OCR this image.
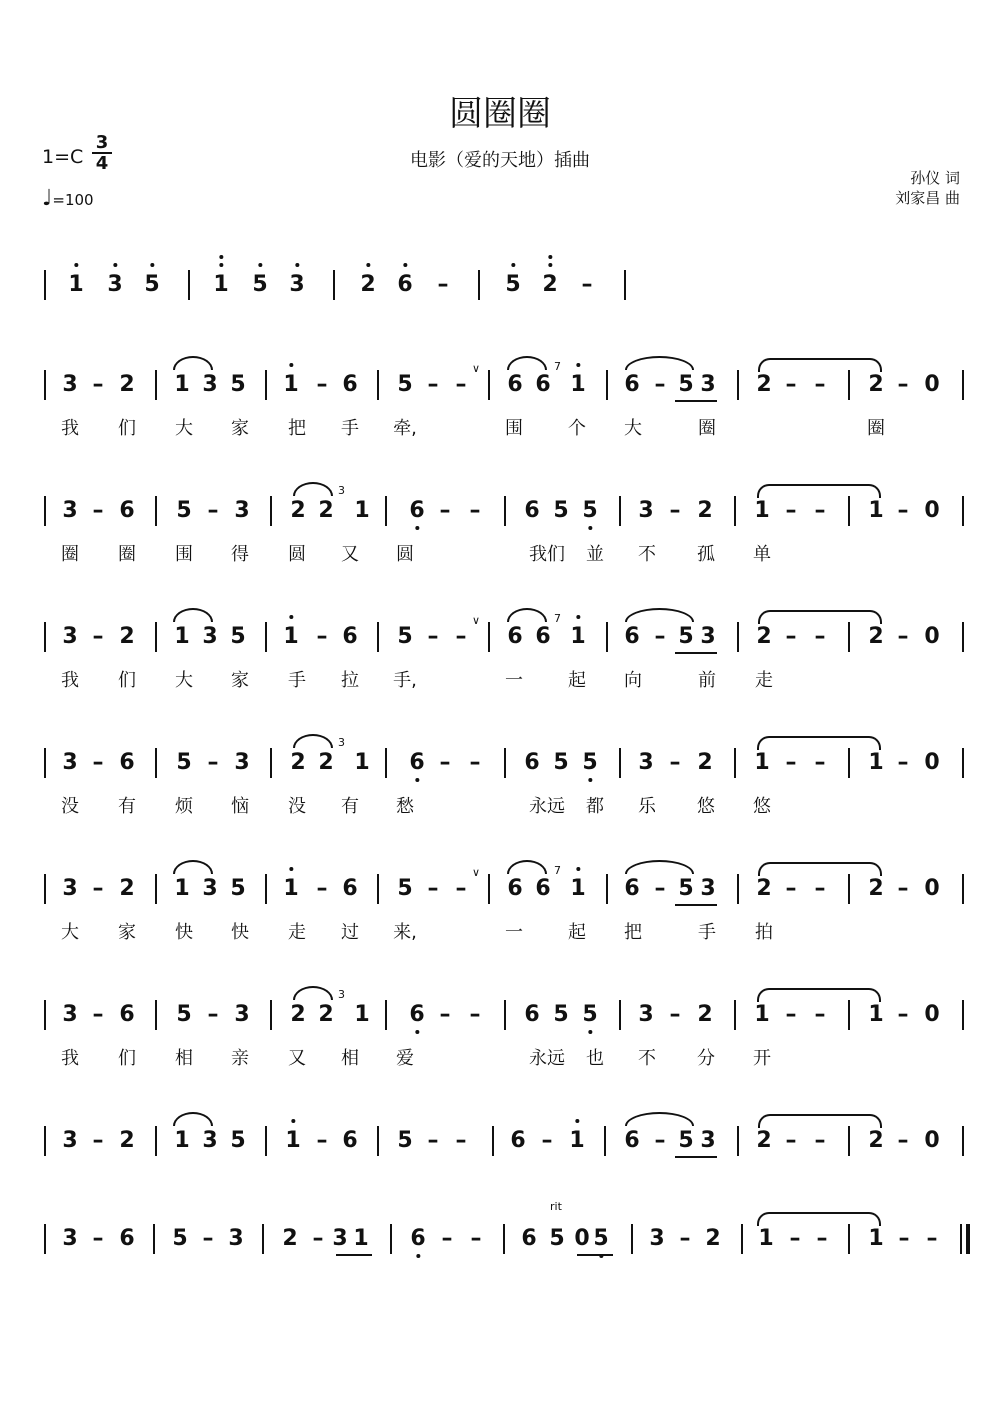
圆圈圈
电影（爱的天地）插曲
1=C
3
4
♩=100
孙仪 词
刘家昌 曲
1 3 5 1 5 3	2 6 –	5 2 –
3 – 2 1 3 5 1 – 6 5 – – 6 6 1 6 – 5 3 2 – – 2 – 0
我 们 大 家 把 手 牵,	围	个 大	圈	圈
∨	7
3 – 6 5 – 3 2 2 1 6 – – 6 5 5 3 – 2 1 – – 1 – 0
圈 圈 围 得 圆 又 圆	我们 並 不 孤 单
3
3 – 2 1 3 5 1 – 6 5 – – 6 6 1 6 – 5 3 2 – – 2 – 0
我 们 大 家 手 拉 手,	一	起 向	前 走
∨	7
3 – 6 5 – 3 2 2 1 6 – – 6 5 5 3 – 2 1 – – 1 – 0
没 有 烦 恼 没 有 愁	永远 都 乐 悠 悠
3
3 – 2 1 3 5 1 – 6 5 – – 6 6 1 6 – 5 3 2 – – 2 – 0
大 家 快 快 走 过 来,	一	起 把	手 拍
∨	7
3 – 6 5 – 3 2 2 1 6 – – 6 5 5 3 – 2 1 – – 1 – 0
我 们 相 亲 又 相 爱	永远 也 不 分 开
3
3 – 2 1 3 5 1 – 6 5 – – 6 – 1 6 – 5 3 2 – – 2 – 0
3 – 6 5 – 3 2 – 3 1 6 – – 6 5 0 5 3 – 2 1 – – 1 – –
rit
